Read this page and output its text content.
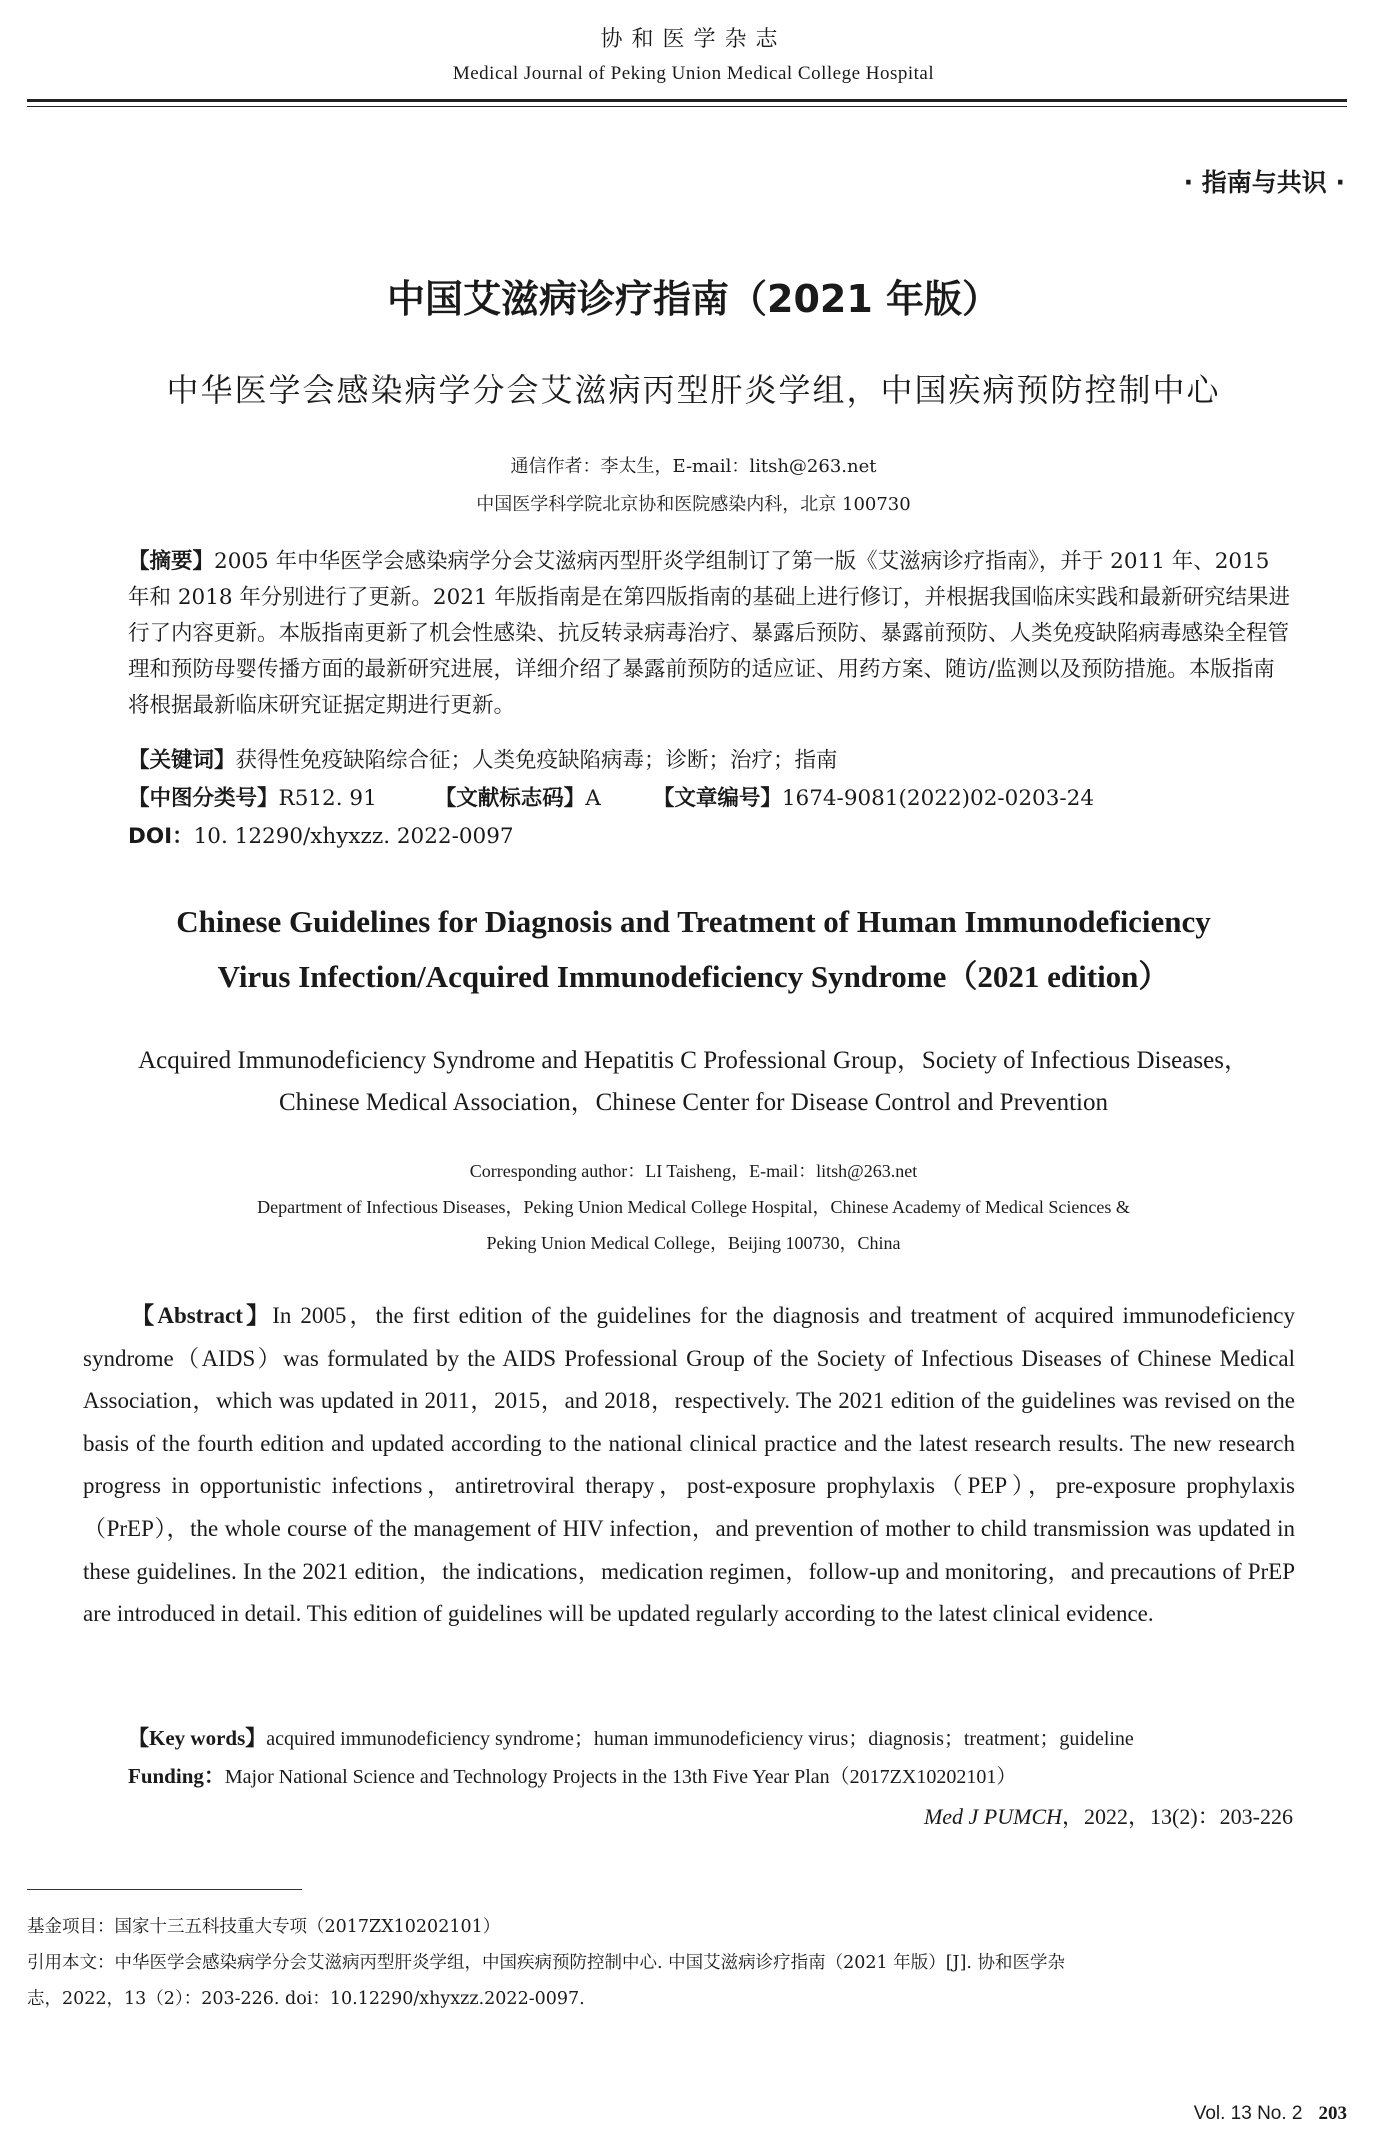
协和医学杂志
Medical Journal of Peking Union Medical College Hospital
· 指南与共识 ·
中国艾滋病诊疗指南（2021 年版）
中华医学会感染病学分会艾滋病丙型肝炎学组，中国疾病预防控制中心
通信作者：李太生，E-mail：litsh@263.net
中国医学科学院北京协和医院感染内科，北京 100730
【摘要】2005 年中华医学会感染病学分会艾滋病丙型肝炎学组制订了第一版《艾滋病诊疗指南》，并于 2011 年、2015 年和 2018 年分别进行了更新。2021 年版指南是在第四版指南的基础上进行修订，并根据我国临床实践和最新研究结果进行了内容更新。本版指南更新了机会性感染、抗反转录病毒治疗、暴露后预防、暴露前预防、人类免疫缺陷病毒感染全程管理和预防母婴传播方面的最新研究进展，详细介绍了暴露前预防的适应证、用药方案、随访/监测以及预防措施。本版指南将根据最新临床研究证据定期进行更新。
【关键词】获得性免疫缺陷综合征；人类免疫缺陷病毒；诊断；治疗；指南
【中图分类号】R512. 91	【文献标志码】A 【文章编号】1674-9081(2022)02-0203-24
DOI：10. 12290/xhyxzz. 2022-0097
Chinese Guidelines for Diagnosis and Treatment of Human Immunodeficiency
Virus Infection/Acquired Immunodeficiency Syndrome（2021 edition）
Acquired Immunodeficiency Syndrome and Hepatitis C Professional Group，Society of Infectious Diseases，
Chinese Medical Association，Chinese Center for Disease Control and Prevention
Corresponding author：LI Taisheng，E-mail：litsh@263.net
Department of Infectious Diseases，Peking Union Medical College Hospital，Chinese Academy of Medical Sciences &
Peking Union Medical College，Beijing 100730，China
【Abstract】In 2005，the first edition of the guidelines for the diagnosis and treatment of acquired immunodeficiency syndrome（AIDS）was formulated by the AIDS Professional Group of the Society of Infectious Diseases of Chinese Medical Association，which was updated in 2011，2015，and 2018，respectively. The 2021 edition of the guidelines was revised on the basis of the fourth edition and updated according to the national clinical practice and the latest research results. The new research progress in opportunistic infections，antiretroviral therapy，post-exposure prophylaxis（PEP），pre-exposure prophylaxis（PrEP），the whole course of the management of HIV infection，and prevention of mother to child transmission was updated in these guidelines. In the 2021 edition，the indications，medication regimen，follow-up and monitoring，and precautions of PrEP are introduced in detail. This edition of guidelines will be updated regularly according to the latest clinical evidence.
【Key words】acquired immunodeficiency syndrome；human immunodeficiency virus；diagnosis；treatment；guideline
Funding：Major National Science and Technology Projects in the 13th Five Year Plan（2017ZX10202101）
Med J PUMCH，2022，13(2)：203-226
基金项目：国家十三五科技重大专项（2017ZX10202101）
引用本文：中华医学会感染病学分会艾滋病丙型肝炎学组，中国疾病预防控制中心. 中国艾滋病诊疗指南（2021 年版）[J]. 协和医学杂
志，2022，13（2）：203-226. doi：10.12290/xhyxzz.2022-0097.
Vol. 13 No. 2 203
